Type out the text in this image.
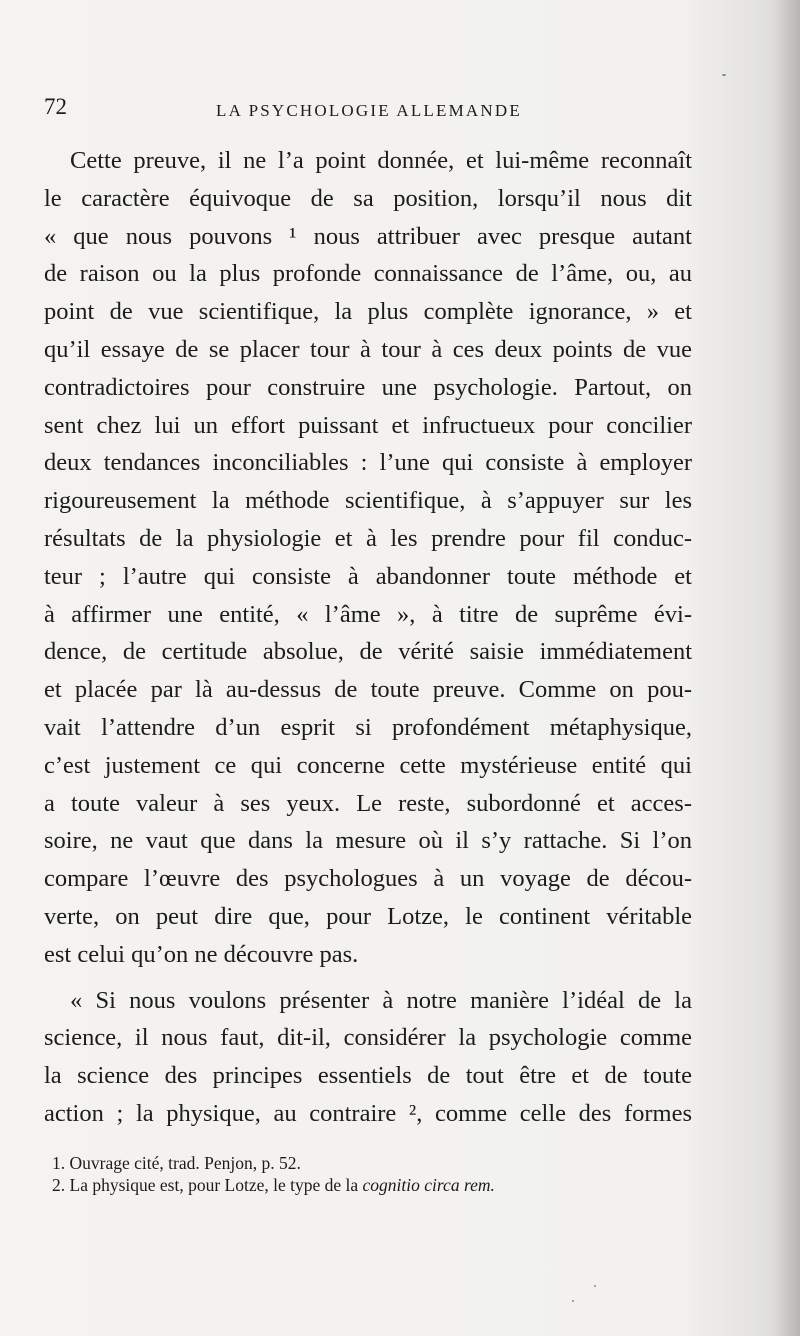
72	LA PSYCHOLOGIE ALLEMANDE
Cette preuve, il ne l’a point donnée, et lui-même reconnaît
le caractère équivoque de sa position, lorsqu’il nous dit
« que nous pouvons ¹ nous attribuer avec presque autant
de raison ou la plus profonde connaissance de l’âme, ou, au
point de vue scientifique, la plus complète ignorance, » et
qu’il essaye de se placer tour à tour à ces deux points de vue
contradictoires pour construire une psychologie. Partout, on
sent chez lui un effort puissant et infructueux pour concilier
deux tendances inconciliables : l’une qui consiste à employer
rigoureusement la méthode scientifique, à s’appuyer sur les
résultats de la physiologie et à les prendre pour fil conduc-
teur ; l’autre qui consiste à abandonner toute méthode et
à affirmer une entité, « l’âme », à titre de suprême évi-
dence, de certitude absolue, de vérité saisie immédiatement
et placée par là au-dessus de toute preuve. Comme on pou-
vait l’attendre d’un esprit si profondément métaphysique,
c’est justement ce qui concerne cette mystérieuse entité qui
a toute valeur à ses yeux. Le reste, subordonné et acces-
soire, ne vaut que dans la mesure où il s’y rattache. Si l’on
compare l’œuvre des psychologues à un voyage de décou-
verte, on peut dire que, pour Lotze, le continent véritable
est celui qu’on ne découvre pas.
« Si nous voulons présenter à notre manière l’idéal de la
science, il nous faut, dit-il, considérer la psychologie comme
la science des principes essentiels de tout être et de toute
action ; la physique, au contraire ², comme celle des formes
1. Ouvrage cité, trad. Penjon, p. 52.
2. La physique est, pour Lotze, le type de la cognitio circa rem.
